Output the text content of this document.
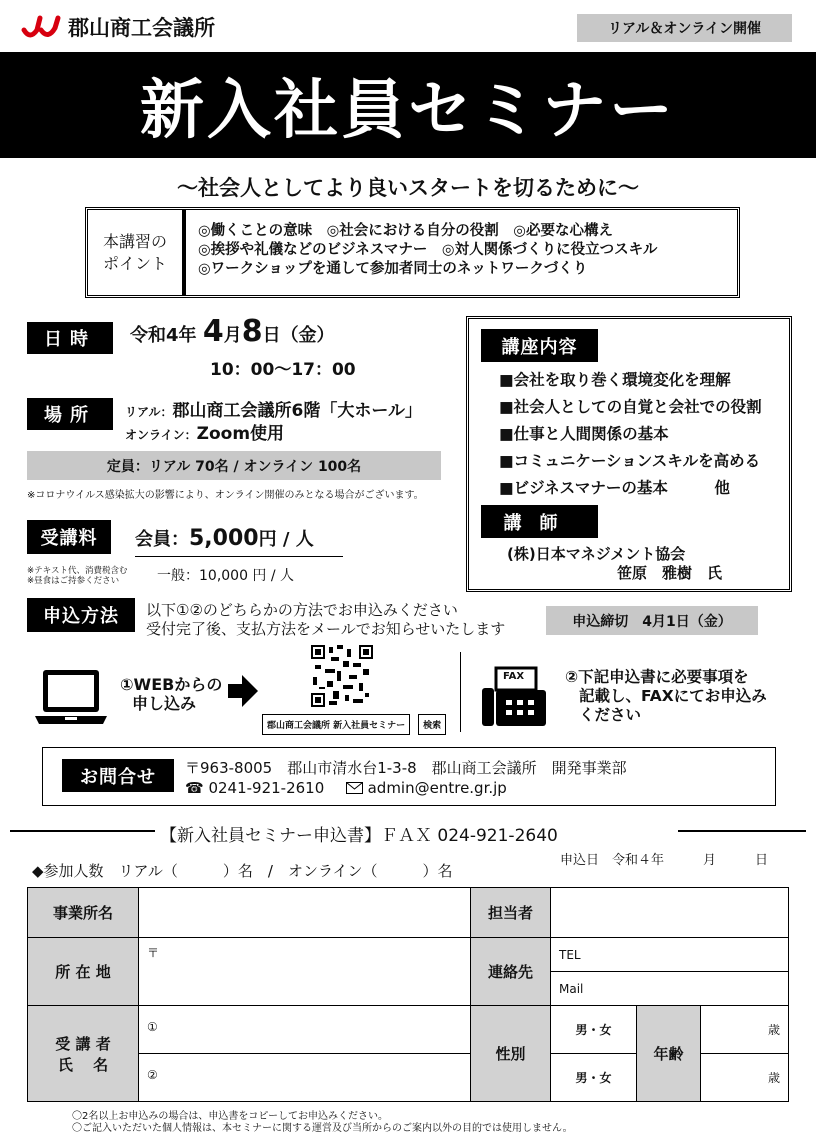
郡山商工会議所	リアル＆オンライン開催
新入社員セミナー
～社会人としてより良いスタートを切るために～
本講習の
ポイント
◎働くことの意味　◎社会における自分の役割　◎必要な心構え
◎挨拶や礼儀などのビジネスマナー　◎対人関係づくりに役立つスキル
◎ワークショップを通して参加者同士のネットワークづくり
日時	令和4年 4月8日（金）
10：00～17：00
場所	リアル：郡山商工会議所6階「大ホール」
オンライン：Zoom使用
定員：リアル 70名 / オンライン 100名
※コロナウイルス感染拡大の影響により、オンライン開催のみとなる場合がございます。
受講料	会員：5,000円 / 人
※テキスト代、消費税含む
※昼食はご持参ください	一般：10,000 円 / 人
講座内容
■会社を取り巻く環境変化を理解
■社会人としての自覚と会社での役割
■仕事と人間関係の基本
■コミュニケーションスキルを高める
■ビジネスマナーの基本　　　他
講師
(株)日本マネジメント協会
笹原　雅樹　氏
申込方法	以下①②のどちらかの方法でお申込みください
受付完了後、支払方法をメールでお知らせいたします	申込締切　4月1日（金）
①WEBからの
申し込み
郡山商工会議所 新入社員セミナー	検索
FAX	②下記申込書に必要事項を
記載し、FAXにてお申込み
ください
お問合せ	〒963-8005　郡山市清水台1-3-8　郡山商工会議所　開発事業部
☎ 0241-921-2610	admin@entre.gr.jp
【新入社員セミナー申込書】ＦＡＸ 024-921-2640
◆参加人数　リアル（　　　）名　/　オンライン（　　　）名
申込日　令和４年　　　月　　　日
事業所名		担当者			
所 在 地	〒	連絡先	TEL		
			Mail		

受 講 者
氏　 名	①	性別	男・女	年齢	歳
	②		男・女		歳
〇2名以上お申込みの場合は、申込書をコピーしてお申込みください。
〇ご記入いただいた個人情報は、本セミナーに関する運営及び当所からのご案内以外の目的では使用しません。
